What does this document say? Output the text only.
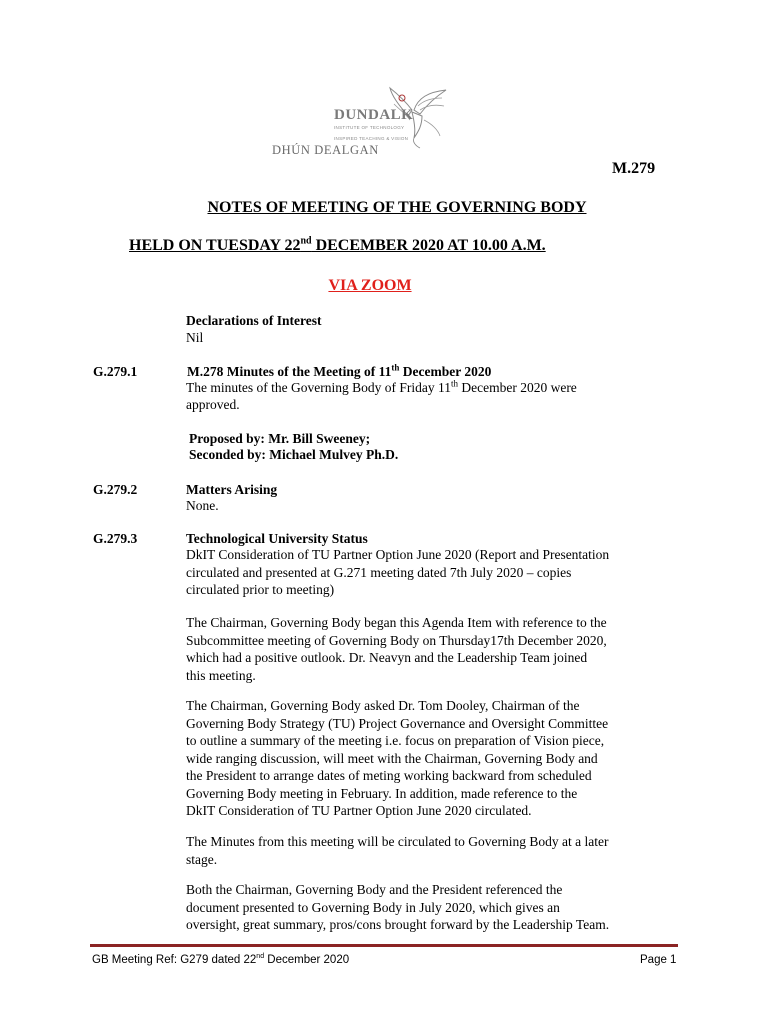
DUNDALK
INSTITUTE OF TECHNOLOGY
INSPIRED TEACHING & VISION
DHÚN DEALGAN
M.279
NOTES OF MEETING OF THE GOVERNING BODY
HELD ON TUESDAY 22nd DECEMBER 2020 AT 10.00 A.M.
VIA ZOOM
Declarations of Interest
Nil
G.279.1	M.278 Minutes of the Meeting of 11th December 2020
The minutes of the Governing Body of Friday 11th December 2020 were
approved.
Proposed by: Mr. Bill Sweeney;
Seconded by: Michael Mulvey Ph.D.
G.279.2	Matters Arising
None.
G.279.3	Technological University Status
DkIT Consideration of TU Partner Option June 2020 (Report and Presentation
circulated and presented at G.271 meeting dated 7th July 2020 – copies
circulated prior to meeting)
The Chairman, Governing Body began this Agenda Item with reference to the
Subcommittee meeting of Governing Body on Thursday17th December 2020,
which had a positive outlook. Dr. Neavyn and the Leadership Team joined
this meeting.
The Chairman, Governing Body asked Dr. Tom Dooley, Chairman of the
Governing Body Strategy (TU) Project Governance and Oversight Committee
to outline a summary of the meeting i.e. focus on preparation of Vision piece,
wide ranging discussion, will meet with the Chairman, Governing Body and
the President to arrange dates of meting working backward from scheduled
Governing Body meeting in February. In addition, made reference to the
DkIT Consideration of TU Partner Option June 2020 circulated.
The Minutes from this meeting will be circulated to Governing Body at a later
stage.
Both the Chairman, Governing Body and the President referenced the
document presented to Governing Body in July 2020, which gives an
oversight, great summary, pros/cons brought forward by the Leadership Team.
GB Meeting Ref: G279 dated 22nd December 2020	Page 1
